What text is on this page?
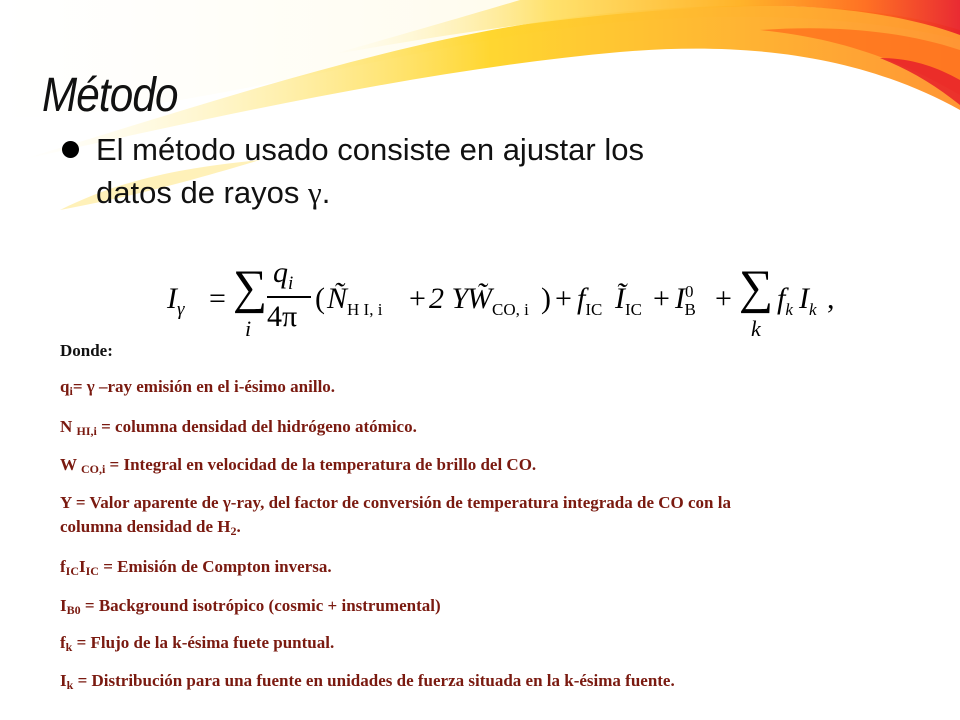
Método
El método usado consiste en ajustar los
datos de rayos γ.
$I_\gamma$ = ∑
i
$q_i$
4π
( $Ñ_{H I, i} + 2$ Y
$W̃_{CO, i}$ ) + $f_{IC}$ $Ĩ_{IC} + I^0_B$ + ∑
k
$f_k$ $I_k$ ,
Donde:
$q_i= \gamma$ –ray emisión en el i-ésimo anillo.
N $_{HI,i}$ = columna densidad del hidrógeno atómico.
W $_{CO,i}$ = Integral en velocidad de la temperatura de brillo del CO.
Y = Valor aparente de γ-ray, del factor de conversión de temperatura integrada de CO con la
columna densidad de $H_2$.
$f_{IC}I_{IC}$ = Emisión de Compton inversa.
$I_{B0}$ = Background isotrópico (cosmic + instrumental)
$f_k$ = Flujo de la k-ésima fuete puntual.
$I_k$ = Distribución para una fuente en unidades de fuerza situada en la k-ésima fuente.
